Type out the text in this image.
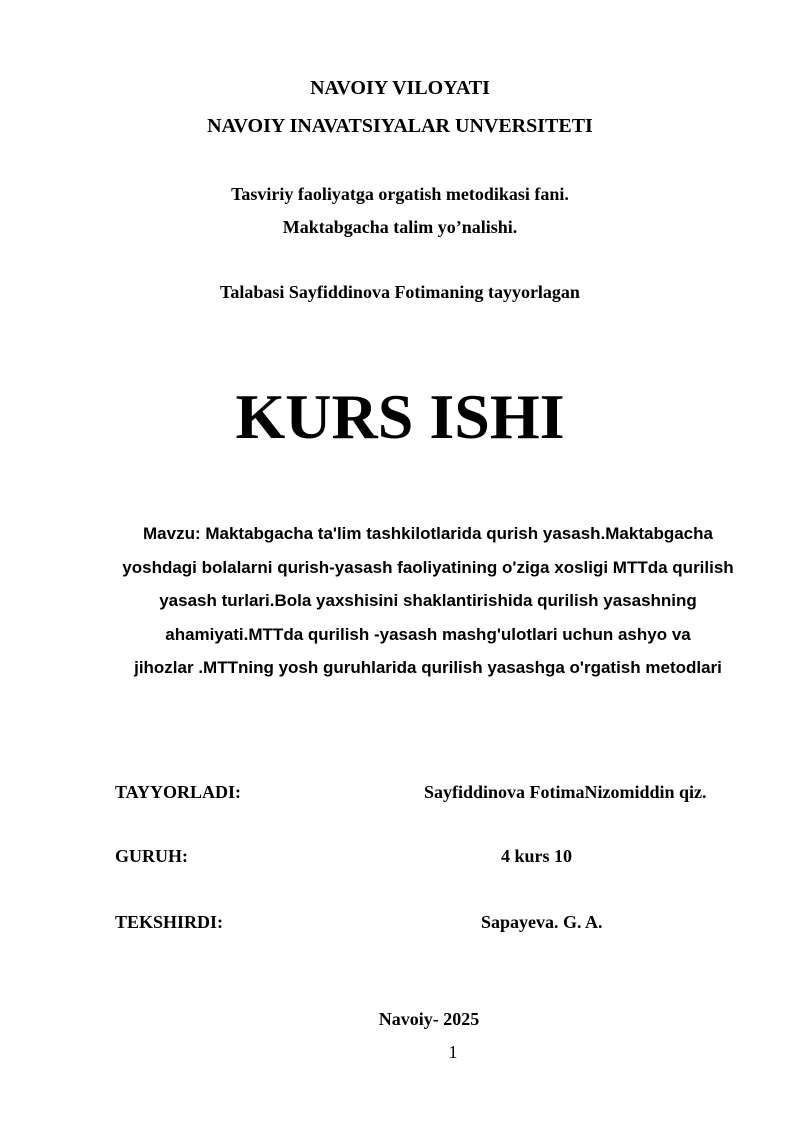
NAVOIY VILOYATI
NAVOIY INAVATSIYALAR UNVERSITETI
Tasviriy faoliyatga orgatish metodikasi fani.
Maktabgacha talim yo’nalishi.
Talabasi Sayfiddinova Fotimaning tayyorlagan
KURS ISHI
Mavzu: Maktabgacha ta'lim tashkilotlarida qurish yasash.Maktabgacha
yoshdagi bolalarni qurish-yasash faoliyatining o'ziga xosligi MTTda qurilish
yasash turlari.Bola yaxshisini shaklantirishida qurilish yasashning
ahamiyati.MTTda qurilish -yasash mashg'ulotlari uchun ashyo va
jihozlar .MTTning yosh guruhlarida qurilish yasashga o'rgatish metodlari
TAYYORLADI:	Sayfiddinova FotimaNizomiddin qiz.
GURUH:	4 kurs 10
TEKSHIRDI:	Sapayeva. G. A.
Navoiy- 2025
1
